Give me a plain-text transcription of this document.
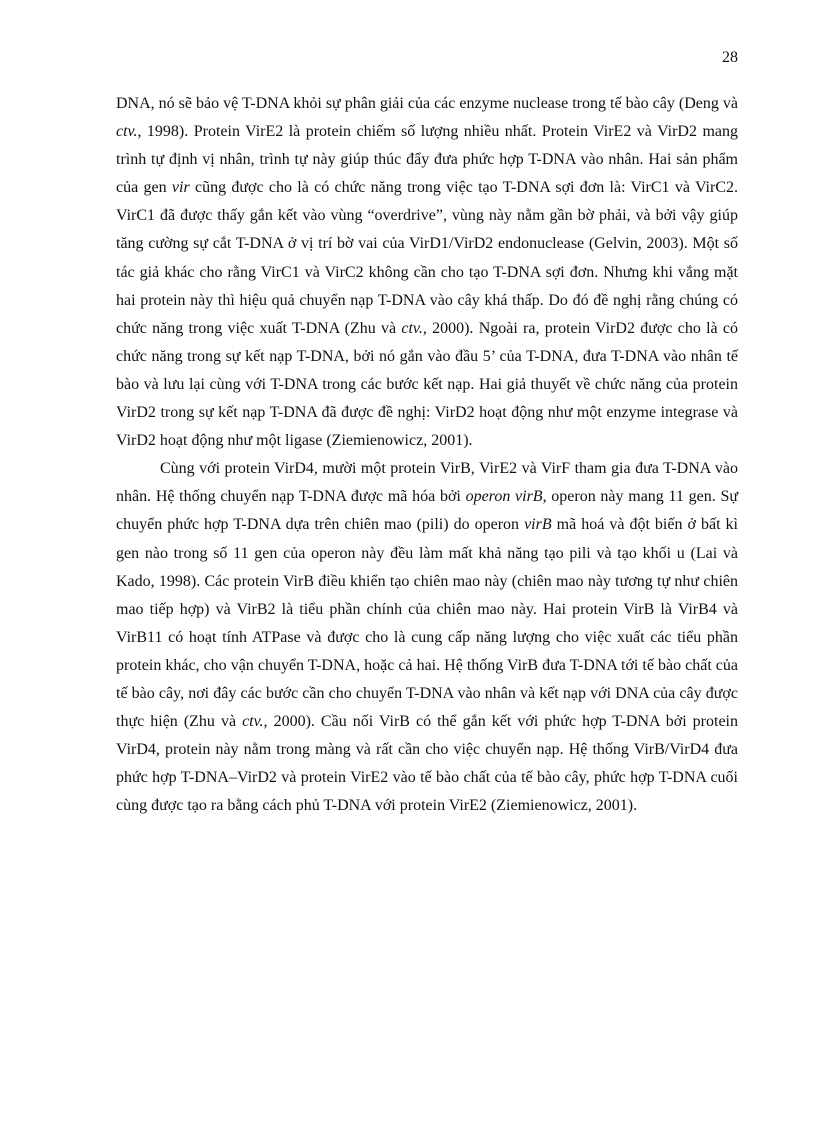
28

DNA, nó sẽ bảo vệ T-DNA khỏi sự phân giải của các enzyme nuclease trong tế bào cây (Deng và ctv., 1998). Protein VirE2 là protein chiếm số lượng nhiều nhất. Protein VirE2 và VirD2 mang trình tự định vị nhân, trình tự này giúp thúc đẩy đưa phức hợp T-DNA vào nhân. Hai sản phẩm của gen vir cũng được cho là có chức năng trong việc tạo T-DNA sợi đơn là: VirC1 và VirC2. VirC1 đã được thấy gắn kết vào vùng “overdrive”, vùng này nằm gần bờ phải, và bởi vậy giúp tăng cường sự cắt T-DNA ở vị trí bờ vai của VirD1/VirD2 endonuclease (Gelvin, 2003). Một số tác giả khác cho rằng VirC1 và VirC2 không cần cho tạo T-DNA sợi đơn. Nhưng khi vắng mặt hai protein này thì hiệu quả chuyển nạp T-DNA vào cây khá thấp. Do đó đề nghị rằng chúng có chức năng trong việc xuất T-DNA (Zhu và ctv., 2000). Ngoài ra, protein VirD2 được cho là có chức năng trong sự kết nạp T-DNA, bởi nó gắn vào đầu 5’ của T-DNA, đưa T-DNA vào nhân tế bào và lưu lại cùng với T-DNA trong các bước kết nạp. Hai giả thuyết về chức năng của protein VirD2 trong sự kết nạp T-DNA đã được đề nghị: VirD2 hoạt động như một enzyme integrase và VirD2 hoạt động như một ligase (Ziemienowicz, 2001).

Cùng với protein VirD4, mười một protein VirB, VirE2 và VirF tham gia đưa T-DNA vào nhân. Hệ thống chuyển nạp T-DNA được mã hóa bởi operon virB, operon này mang 11 gen. Sự chuyển phức hợp T-DNA dựa trên chiên mao (pili) do operon virB mã hoá và đột biến ở bất kì gen nào trong số 11 gen của operon này đều làm mất khả năng tạo pili và tạo khối u (Lai và Kado, 1998). Các protein VirB điều khiển tạo chiên mao này (chiên mao này tương tự như chiên mao tiếp hợp) và VirB2 là tiểu phần chính của chiên mao này. Hai protein VirB là VirB4 và VirB11 có hoạt tính ATPase và được cho là cung cấp năng lượng cho việc xuất các tiểu phần protein khác, cho vận chuyển T-DNA, hoặc cả hai. Hệ thống VirB đưa T-DNA tới tế bào chất của tế bào cây, nơi đây các bước cần cho chuyển T-DNA vào nhân và kết nạp với DNA của cây được thực hiện (Zhu và ctv., 2000). Cầu nối VirB có thể gắn kết với phức hợp T-DNA bởi protein VirD4, protein này nằm trong màng và rất cần cho việc chuyển nạp. Hệ thống VirB/VirD4 đưa phức hợp T-DNA–VirD2 và protein VirE2 vào tế bào chất của tế bào cây, phức hợp T-DNA cuối cùng được tạo ra bằng cách phủ T-DNA với protein VirE2 (Ziemienowicz, 2001).
